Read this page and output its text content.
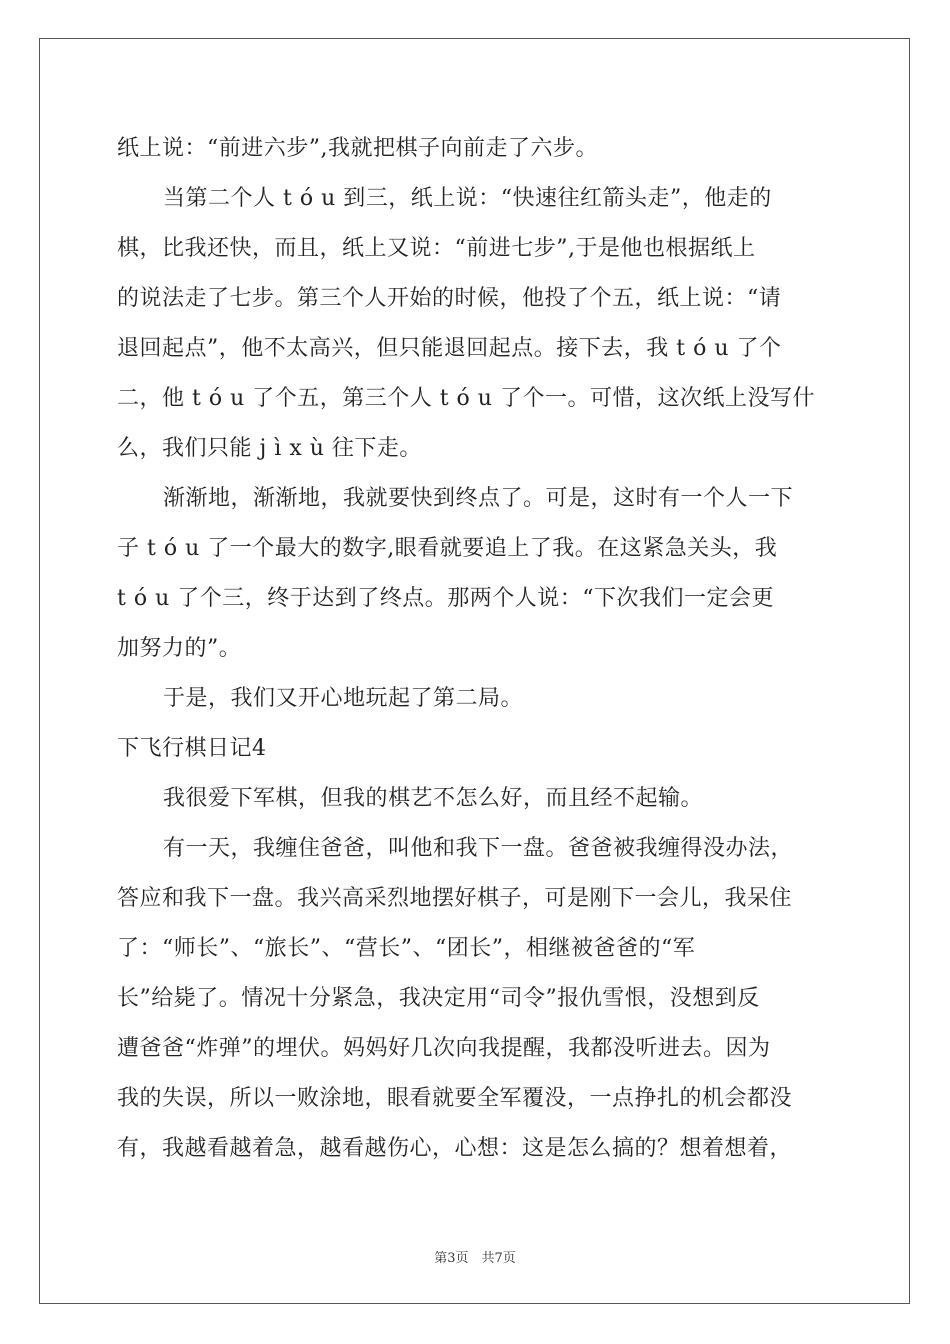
纸上说：“前进六步”,我就把棋子向前走了六步。
当第二个人 t ó u 到三，纸上说：“快速往红箭头走”，他走的
棋，比我还快，而且，纸上又说：“前进七步”,于是他也根据纸上
的说法走了七步。第三个人开始的时候，他投了个五，纸上说：“请
退回起点”，他不太高兴，但只能退回起点。接下去，我 t ó u 了个
二，他 t ó u 了个五，第三个人 t ó u 了个一。可惜，这次纸上没写什
么，我们只能 j ì x ù 往下走。
渐渐地，渐渐地，我就要快到终点了。可是，这时有一个人一下
子 t ó u 了一个最大的数字,眼看就要追上了我。在这紧急关头，我
t ó u 了个三，终于达到了终点。那两个人说：“下次我们一定会更
加努力的”。
于是，我们又开心地玩起了第二局。
下飞行棋日记4
我很爱下军棋，但我的棋艺不怎么好，而且经不起输。
有一天，我缠住爸爸，叫他和我下一盘。爸爸被我缠得没办法，
答应和我下一盘。我兴高采烈地摆好棋子，可是刚下一会儿，我呆住
了：“师长”、“旅长”、“营长”、“团长”，相继被爸爸的“军
长”给毙了。情况十分紧急，我决定用“司令”报仇雪恨，没想到反
遭爸爸“炸弹”的埋伏。妈妈好几次向我提醒，我都没听进去。因为
我的失误，所以一败涂地，眼看就要全军覆没，一点挣扎的机会都没
有，我越看越着急，越看越伤心，心想：这是怎么搞的？想着想着，
第3页　共7页
